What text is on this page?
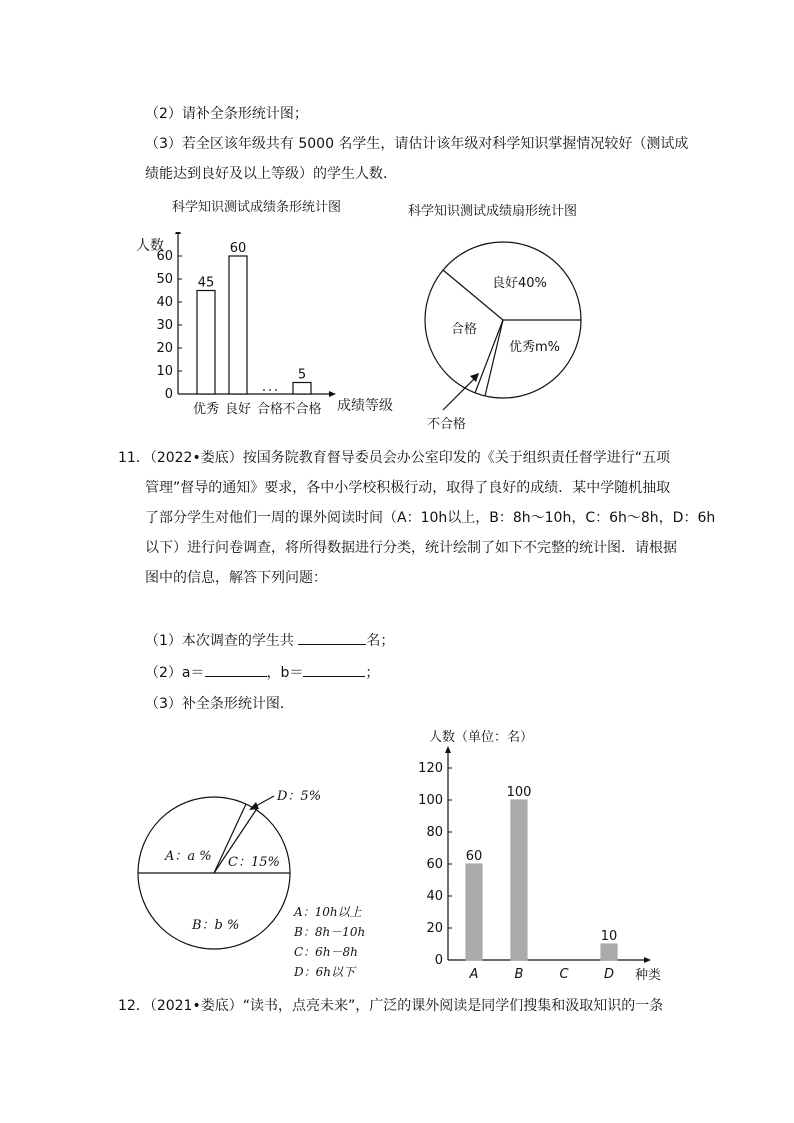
（2）请补全条形统计图；
（3）若全区该年级共有 5000 名学生，请估计该年级对科学知识掌握情况较好（测试成
绩能达到良好及以上等级）的学生人数．
科学知识测试成绩条形统计图
0
10
20
30
40
50
60
45
优秀
60
良好 合格
5
不合格
人数
成绩等级
科学知识测试成绩扇形统计图
良好40%
合格
优秀m%
不合格
11．（2022•娄底）按国务院教育督导委员会办公室印发的《关于组织责任督学进行“五项
管理”督导的通知》要求，各中小学校积极行动，取得了良好的成绩．某中学随机抽取
了部分学生对他们一周的课外阅读时间（A：10h以上，B：8h～10h，C：6h～8h，D：6h
以下）进行问卷调查，将所得数据进行分类，统计绘制了如下不完整的统计图．请根据
图中的信息，解答下列问题：
（1）本次调查的学生共	名；
（2）a＝	，b＝	；
（3）补全条形统计图．
D：5%
A：a % C：15%
B：b %
A：10h以上
B：8h－10h
C：6h－8h
D：6h以下
0
20
40
60
80
100
120
60
A
100
B	C
10
D
人数（单位：名）
种类
12．（2021•娄底）“读书，点亮未来”，广泛的课外阅读是同学们搜集和汲取知识的一条
